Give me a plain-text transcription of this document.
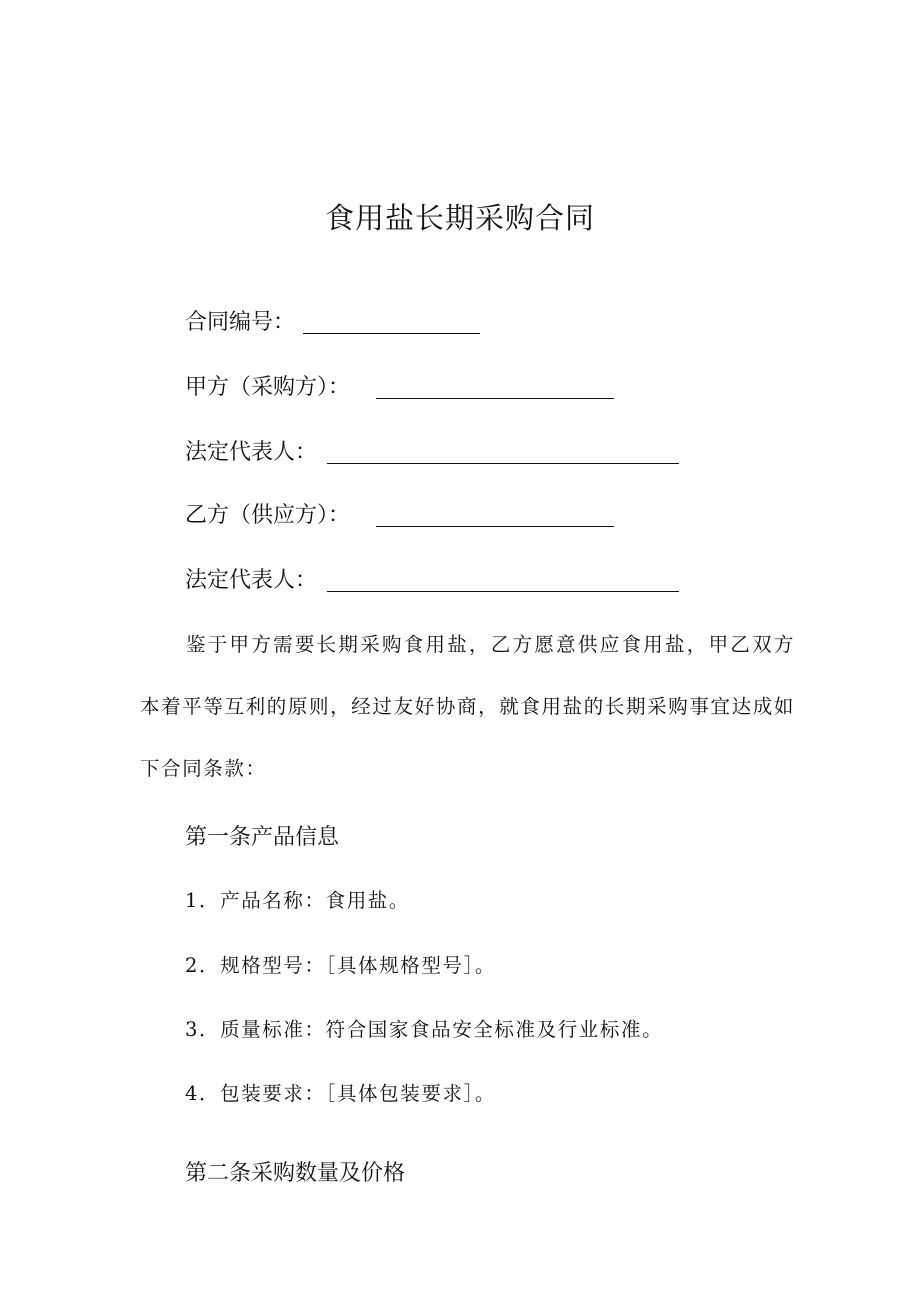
食用盐长期采购合同
合同编号：
甲方（采购方）：
法定代表人：
乙方（供应方）：
法定代表人：
鉴于甲方需要长期采购食用盐，乙方愿意供应食用盐，甲乙双方本着平等互利的原则，经过友好协商，就食用盐的长期采购事宜达成如下合同条款：
第一条产品信息
1．产品名称：食用盐。
2．规格型号：［具体规格型号］。
3．质量标准：符合国家食品安全标准及行业标准。
4．包装要求：［具体包装要求］。
第二条采购数量及价格
